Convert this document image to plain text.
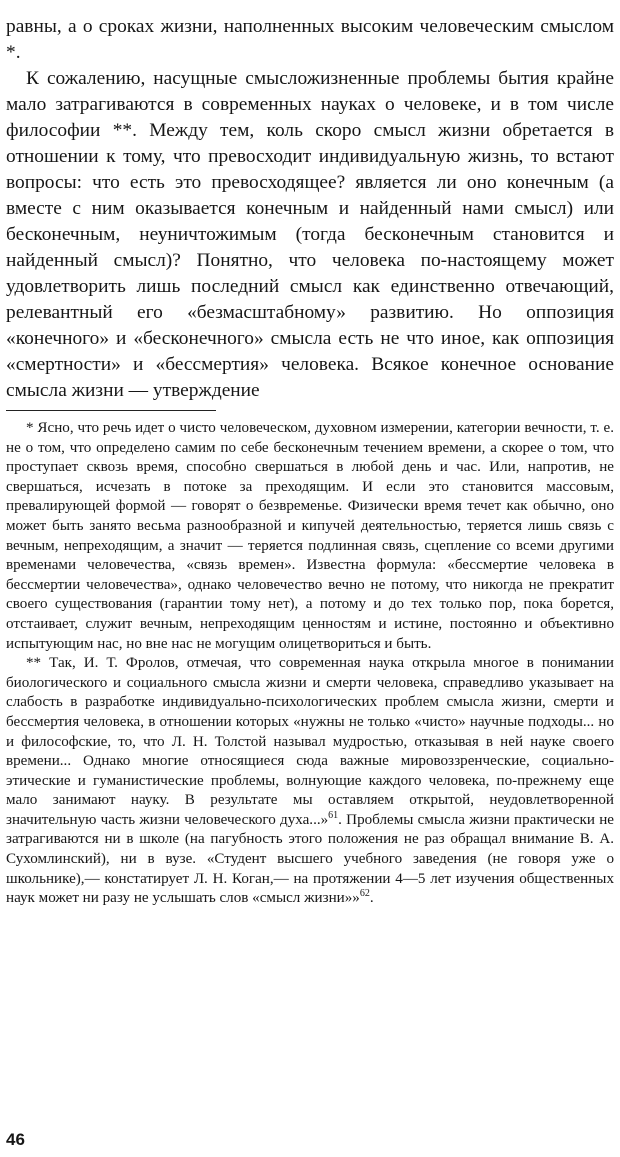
равны, а о сроках жизни, наполненных высоким человеческим смыслом *.

К сожалению, насущные смысложизненные проблемы бытия крайне мало затрагиваются в современных науках о человеке, и в том числе философии **. Между тем, коль скоро смысл жизни обретается в отношении к тому, что превосходит индивидуальную жизнь, то встают вопросы: что есть это превосходящее? является ли оно конечным (а вместе с ним оказывается конечным и найденный нами смысл) или бесконечным, неуничтожимым (тогда бесконечным становится и найденный смысл)? Понятно, что человека по-настоящему может удовлетворить лишь последний смысл как единственно отвечающий, релевантный его «безмасштабному» развитию. Но оппозиция «конечного» и «бесконечного» смысла есть не что иное, как оппозиция «смертности» и «бессмертия» человека. Всякое конечное основание смысла жизни — утверждение

* Ясно, что речь идет о чисто человеческом, духовном измерении, категории вечности, т. е. не о том, что определено самим по себе бесконечным течением времени, а скорее о том, что проступает сквозь время, способно свершаться в любой день и час. Или, напротив, не свершаться, исчезать в потоке за преходящим. И если это становится массовым, превалирующей формой — говорят о безвременье. Физически время течет как обычно, оно может быть занято весьма разнообразной и кипучей деятельностью, теряется лишь связь с вечным, непреходящим, а значит — теряется подлинная связь, сцепление со всеми другими временами человечества, «связь времен». Известна формула: «бессмертие человека в бессмертии человечества», однако человечество вечно не потому, что никогда не прекратит своего существования (гарантии тому нет), а потому и до тех только пор, пока борется, отстаивает, служит вечным, непреходящим ценностям и истине, постоянно и объективно испытующим нас, но вне нас не могущим олицетвориться и быть.

** Так, И. Т. Фролов, отмечая, что современная наука открыла многое в понимании биологического и социального смысла жизни и смерти человека, справедливо указывает на слабость в разработке индивидуально-психологических проблем смысла жизни, смерти и бессмертия человека, в отношении которых «нужны не только «чисто» научные подходы... но и философские, то, что Л. Н. Толстой называл мудростью, отказывая в ней науке своего времени... Однако многие относящиеся сюда важные мировоззренческие, социально-этические и гуманистические проблемы, волнующие каждого человека, по-прежнему еще мало занимают науку. В результате мы оставляем открытой, неудовлетворенной значительную часть жизни человеческого духа...»$^{61}$. Проблемы смысла жизни практически не затрагиваются ни в школе (на пагубность этого положения не раз обращал внимание В. А. Сухомлинский), ни в вузе. «Студент высшего учебного заведения (не говоря уже о школьнике),— констатирует Л. Н. Коган,— на протяжении 4—5 лет изучения общественных наук может ни разу не услышать слов «смысл жизни»»$^{62}$.

46
